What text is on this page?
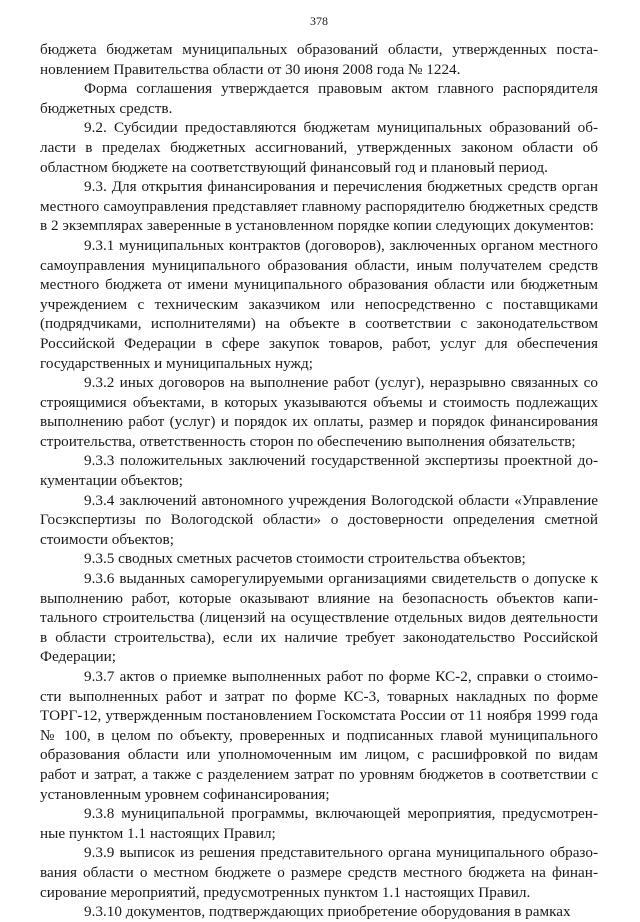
378

бюджета бюджетам муниципальных образований области, утвержденных постановлением Правительства области от 30 июня 2008 года № 1224.

Форма соглашения утверждается правовым актом главного распорядителя бюджетных средств.

9.2. Субсидии предоставляются бюджетам муниципальных образований области в пределах бюджетных ассигнований, утвержденных законом области об областном бюджете на соответствующий финансовый год и плановый период.

9.3. Для открытия финансирования и перечисления бюджетных средств орган местного самоуправления представляет главному распорядителю бюджетных средств в 2 экземплярах заверенные в установленном порядке копии следующих документов:

9.3.1 муниципальных контрактов (договоров), заключенных органом местного самоуправления муниципального образования области, иным получателем средств местного бюджета от имени муниципального образования области или бюджетным учреждением с техническим заказчиком или непосредственно с поставщиками (подрядчиками, исполнителями) на объекте в соответствии с законодательством Российской Федерации в сфере закупок товаров, работ, услуг для обеспечения государственных и муниципальных нужд;

9.3.2 иных договоров на выполнение работ (услуг), неразрывно связанных со строящимися объектами, в которых указываются объемы и стоимость подлежащих выполнению работ (услуг) и порядок их оплаты, размер и порядок финансирования строительства, ответственность сторон по обеспечению выполнения обязательств;

9.3.3 положительных заключений государственной экспертизы проектной документации объектов;

9.3.4 заключений автономного учреждения Вологодской области «Управление Госэкспертизы по Вологодской области» о достоверности определения сметной стоимости объектов;

9.3.5 сводных сметных расчетов стоимости строительства объектов;

9.3.6 выданных саморегулируемыми организациями свидетельств о допуске к выполнению работ, которые оказывают влияние на безопасность объектов капитального строительства (лицензий на осуществление отдельных видов деятельности в области строительства), если их наличие требует законодательство Российской Федерации;

9.3.7 актов о приемке выполненных работ по форме КС-2, справки о стоимости выполненных работ и затрат по форме КС-3, товарных накладных по форме ТОРГ-12, утвержденным постановлением Госкомстата России от 11 ноября 1999 года № 100, в целом по объекту, проверенных и подписанных главой муниципального образования области или уполномоченным им лицом, с расшифровкой по видам работ и затрат, а также с разделением затрат по уровням бюджетов в соответствии с установленным уровнем софинансирования;

9.3.8 муниципальной программы, включающей мероприятия, предусмотренные пунктом 1.1 настоящих Правил;

9.3.9 выписок из решения представительного органа муниципального образования области о местном бюджете о размере средств местного бюджета на финансирование мероприятий, предусмотренных пунктом 1.1 настоящих Правил.

9.3.10 документов, подтверждающих приобретение оборудования в рамках
